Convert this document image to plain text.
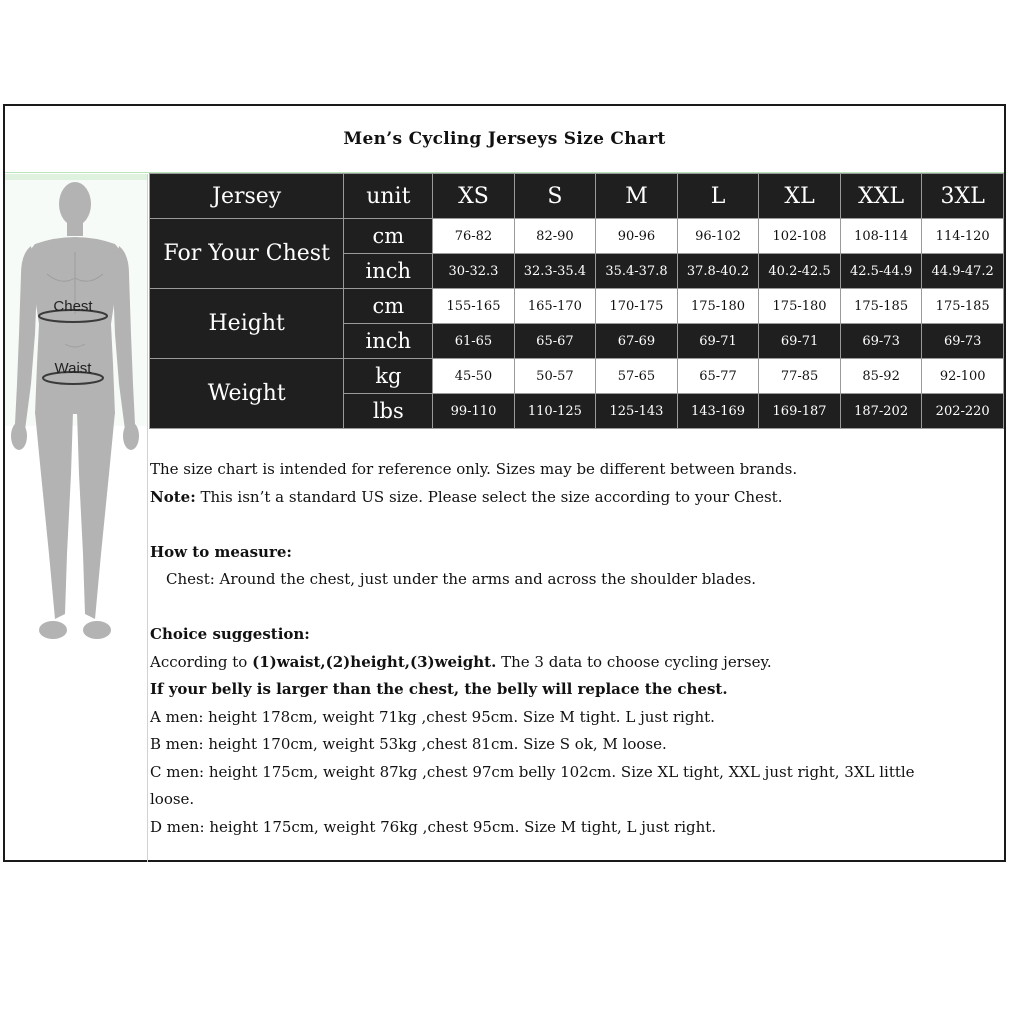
Men’s Cycling Jerseys Size Chart
Chest
Waist
Jersey	unit	XS	S	M	L	XL	XXL	3XL
For Your Chest	cm	76-82	82-90	90-96	96-102	102-108	108-114	114-120
	inch	30-32.3	32.3-35.4	35.4-37.8	37.8-40.2	40.2-42.5	42.5-44.9	44.9-47.2
Height	cm	155-165	165-170	170-175	175-180	175-180	175-185	175-185
	inch	61-65	65-67	67-69	69-71	69-71	69-73	69-73
Weight	kg	45-50	50-57	57-65	65-77	77-85	85-92	92-100
	lbs	99-110	110-125	125-143	143-169	169-187	187-202	202-220

The size chart is intended for reference only. Sizes may be different between brands.

Note: This isn’t a standard US size. Please select the size according to your Chest.

How to measure:

Chest: Around the chest, just under the arms and across the shoulder blades.

Choice suggestion:

According to (1)waist,(2)height,(3)weight. The 3 data to choose cycling jersey.

If your belly is larger than the chest, the belly will replace the chest.

A men: height 178cm, weight 71kg ,chest 95cm. Size M tight. L just right.

B men: height 170cm, weight 53kg ,chest 81cm. Size S ok, M loose.

C men: height 175cm, weight 87kg ,chest 97cm belly 102cm. Size XL tight, XXL just right, 3XL little

loose.

D men: height 175cm, weight 76kg ,chest 95cm. Size M tight, L just right.
